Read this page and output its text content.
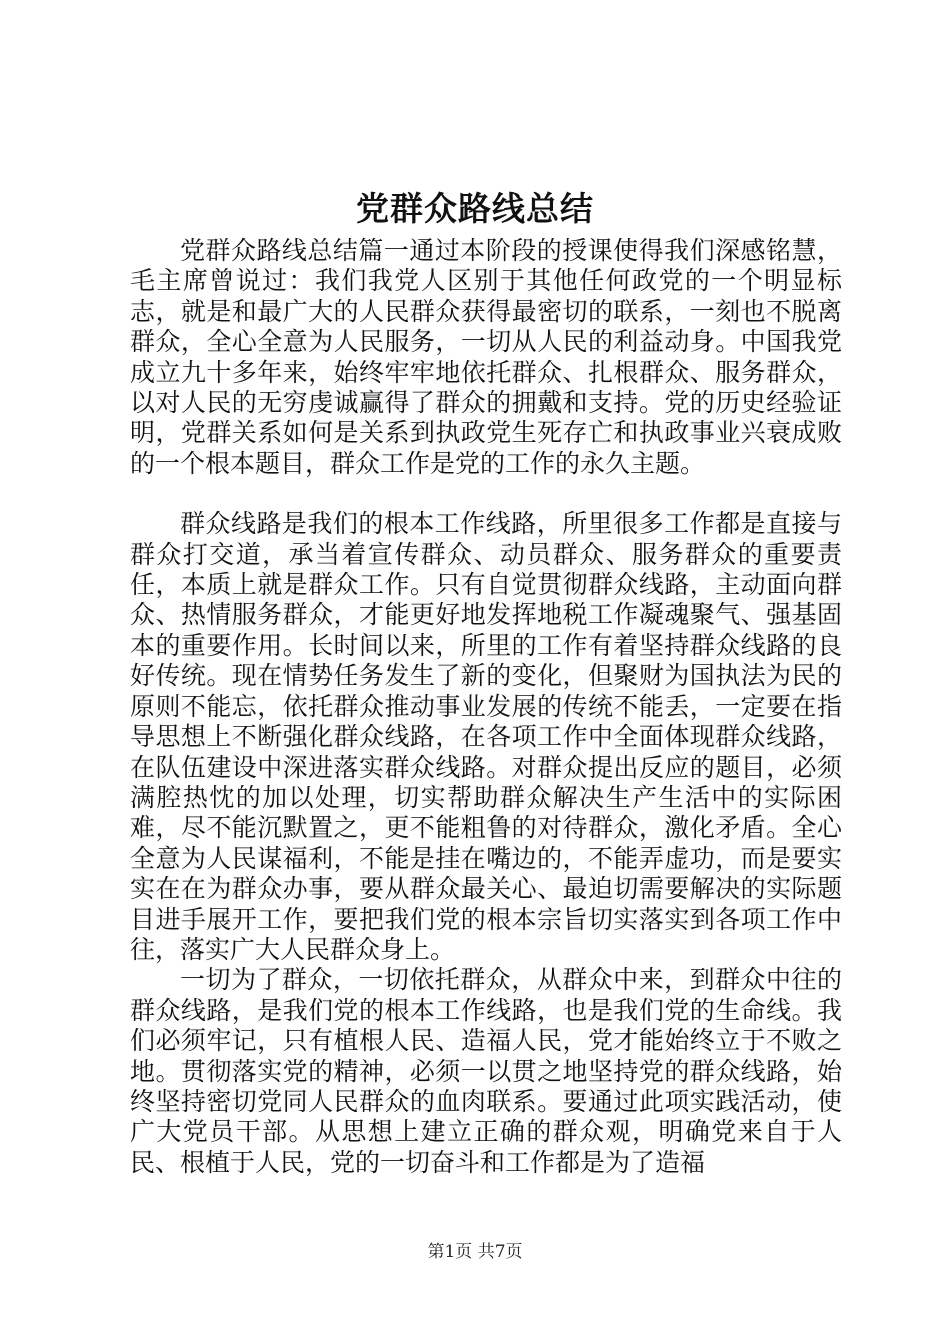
党群众路线总结

党群众路线总结篇一通过本阶段的授课使得我们深感铭慧，毛主席曾说过：我们我党人区别于其他任何政党的一个明显标志，就是和最广大的人民群众获得最密切的联系，一刻也不脱离群众，全心全意为人民服务，一切从人民的利益动身。中国我党成立九十多年来，始终牢牢地依托群众、扎根群众、服务群众，以对人民的无穷虔诚赢得了群众的拥戴和支持。党的历史经验证明，党群关系如何是关系到执政党生死存亡和执政事业兴衰成败的一个根本题目，群众工作是党的工作的永久主题。

群众线路是我们的根本工作线路，所里很多工作都是直接与群众打交道，承当着宣传群众、动员群众、服务群众的重要责任，本质上就是群众工作。只有自觉贯彻群众线路，主动面向群众、热情服务群众，才能更好地发挥地税工作凝魂聚气、强基固本的重要作用。长时间以来，所里的工作有着坚持群众线路的良好传统。现在情势任务发生了新的变化，但聚财为国执法为民的原则不能忘，依托群众推动事业发展的传统不能丢，一定要在指导思想上不断强化群众线路，在各项工作中全面体现群众线路，在队伍建设中深进落实群众线路。对群众提出反应的题目，必须满腔热忱的加以处理，切实帮助群众解决生产生活中的实际困难，尽不能沉默置之，更不能粗鲁的对待群众，激化矛盾。全心全意为人民谋福利，不能是挂在嘴边的，不能弄虚功，而是要实实在在为群众办事，要从群众最关心、最迫切需要解决的实际题目进手展开工作，要把我们党的根本宗旨切实落实到各项工作中往，落实广大人民群众身上。

一切为了群众，一切依托群众，从群众中来，到群众中往的群众线路，是我们党的根本工作线路，也是我们党的生命线。我们必须牢记，只有植根人民、造福人民，党才能始终立于不败之地。贯彻落实党的精神，必须一以贯之地坚持党的群众线路，始终坚持密切党同人民群众的血肉联系。要通过此项实践活动，使广大党员干部。从思想上建立正确的群众观，明确党来自于人民、根植于人民，党的一切奋斗和工作都是为了造福

第1页 共7页
